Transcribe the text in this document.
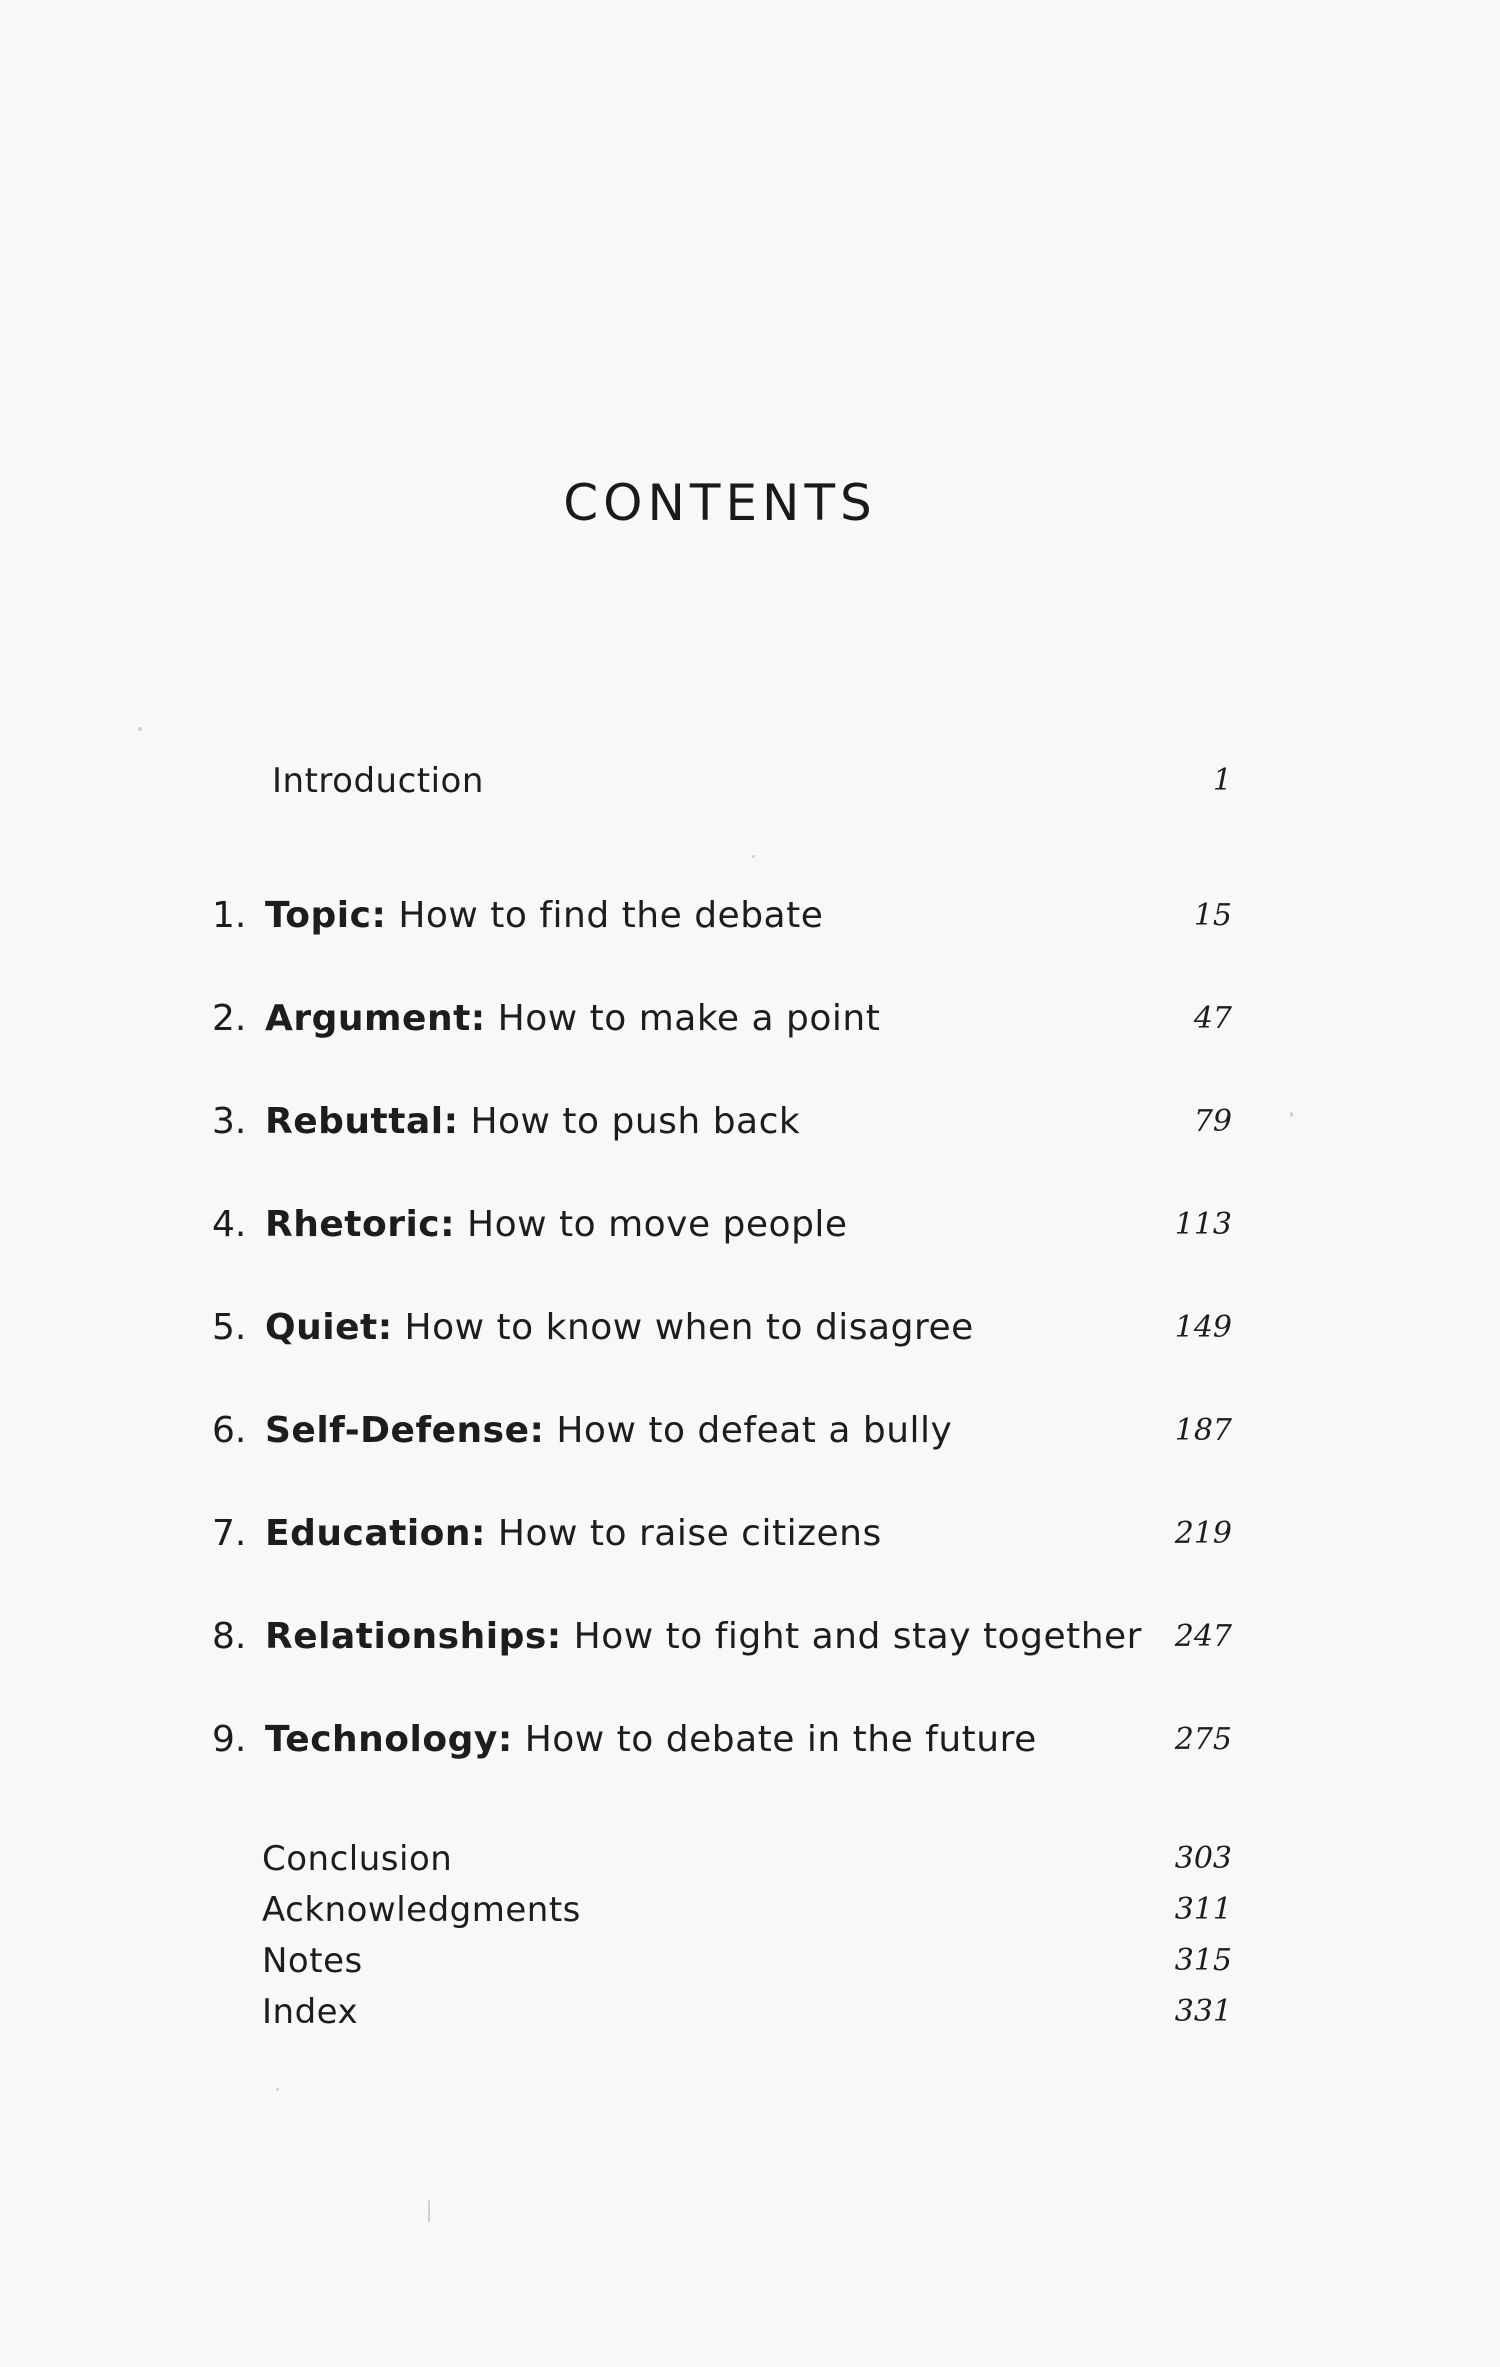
CONTENTS
Introduction	1
1. Topic: How to find the debate	15
2. Argument: How to make a point	47
3. Rebuttal: How to push back	79
4. Rhetoric: How to move people	113
5. Quiet: How to know when to disagree	149
6. Self-Defense: How to defeat a bully	187
7. Education: How to raise citizens	219
8. Relationships: How to fight and stay together 247
9. Technology: How to debate in the future	275
Conclusion	303
Acknowledgments	311
Notes	315
Index	331
